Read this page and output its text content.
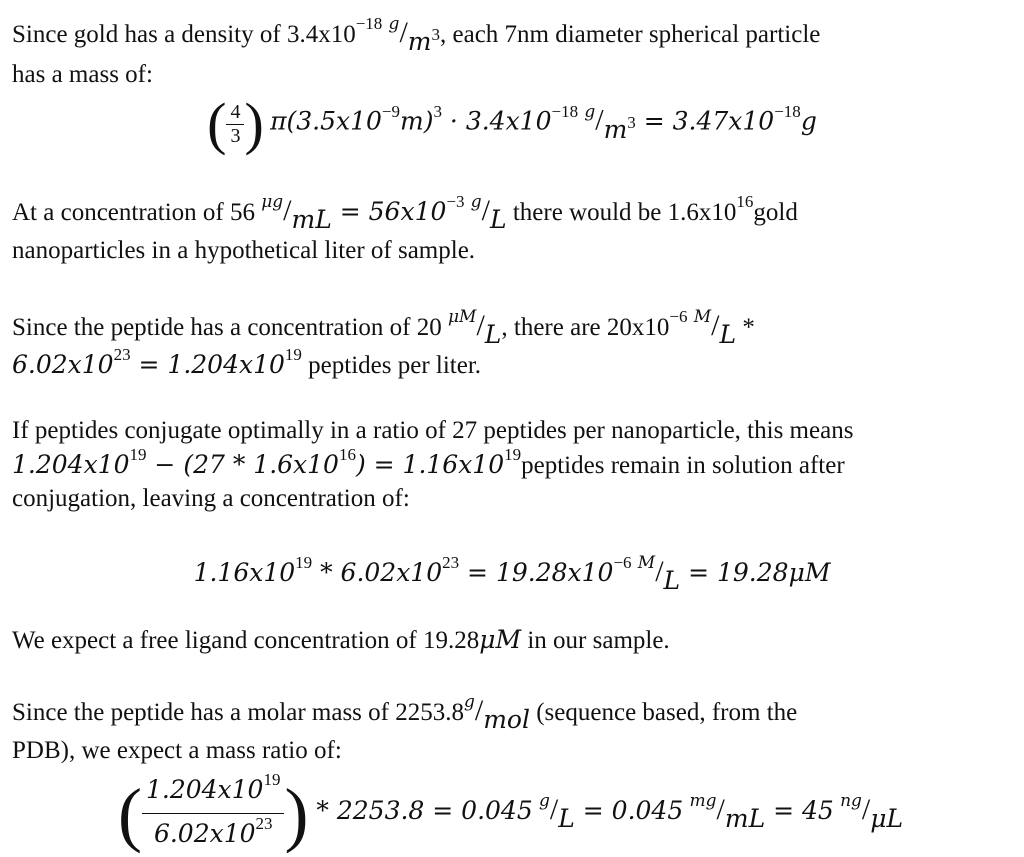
Since gold has a density of $3.4x10^{-18}$ $^g$/m3, each 7nm diameter spherical particle
has a mass of:
( $\frac{4}{3}$ ) $\pi(3.5x10^{-9}m)^3 \cdot 3.4x10^{-18}$ $^g/m3 = 3.47x10^{-18}g$
At a concentration of 56 $^{\mu g}/mL = 56x10^{-3}$ $^g$/L there would be $1.6x10^{16}gold$
nanoparticles in a hypothetical liter of sample.
Since the peptide has a concentration of 20 $^{\mu M}$/L, there are $20x10^{-6}$ $^M$/L *
$6.02x10^{23} = 1.204x10^{19}$ peptides per liter.
If peptides conjugate optimally in a ratio of 27 peptides per nanoparticle, this means
$1.204x10^{19} - (27 * 1.6x10^{16})$ = $1.16x10^{19}peptides$ remain in solution after
conjugation, leaving a concentration of:
$1.16x10^{19} * 6.02x10^{23} = 19.28x10^{-6}$ $^M$/L = 19.28μM
We expect a free ligand concentration of 19.28μM in our sample.
Since the peptide has a molar mass of 2253.8$^g$/mol (sequence based, from the
PDB), we expect a mass ratio of:
( $\frac{1.204x10^{19}}{6.02x10^{23}}$ ) * 2253.8 = 0.045 $^g$/L = 0.045 $^{mg}$/mL = 45 $^{ng}$/μL
